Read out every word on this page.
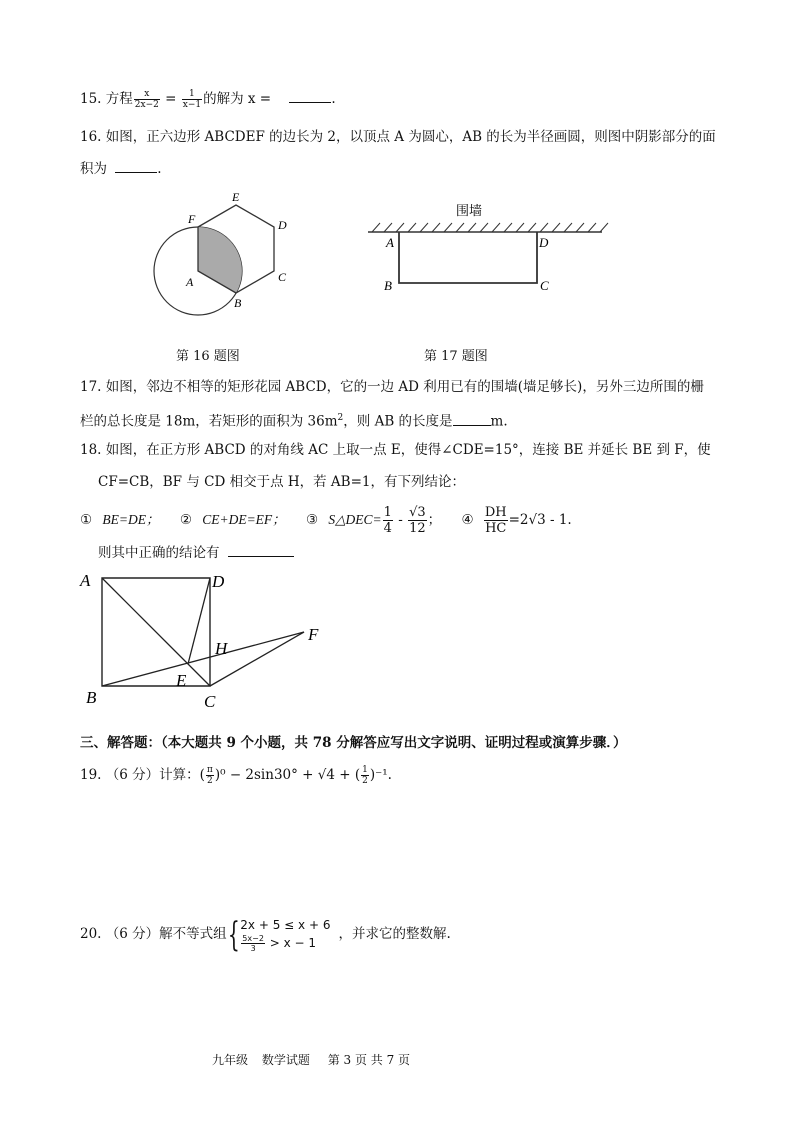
15. 方程 $\frac{x}{2x-2} = \frac{1}{x-1}$ 的解为 x =	.
16. 如图，正六边形 ABCDEF 的边长为 2，以顶点 A 为圆心，AB 的长为半径画圆，则图中阴影部分的面
积为	.
F
E
D
C
B
A
第 16 题图
围墙
A	D
B	C
第 17 题图
17. 如图，邻边不相等的矩形花园 ABCD，它的一边 AD 利用已有的围墙(墙足够长)，另外三边所围的栅
栏的总长度是 18m，若矩形的面积为 $36m^2$，则 AB 的长度是	m.
18. 如图，在正方形 ABCD 的对角线 AC 上取一点 E，使得∠CDE=15°，连接 BE 并延长 BE 到 F，使
CF=CB，BF 与 CD 相交于点 H，若 AB=1，有下列结论：
① BE=DE； ② CE+DE=EF； ③ S△DEC= $\frac{1}{4} - \frac{√3}{12}$ ； ④ $\frac{DH}{HC} =2√3 - 1$.
则其中正确的结论有
A	D
F
H
E
B	C
三、解答题：（本大题共 9 个小题，共 78 分解答应写出文字说明、证明过程或演算步骤．）
19. （6 分）计算：( $\frac{\pi}{2} )^0 - 2\sin 30^\circ + √4$ + ( $\frac{1}{2} )^{-1}$.
20. （6 分）解不等式组{ 2x + 5 ≤ x + 6
$\frac{5x-2}{3} > x - 1$
，并求它的整数解.
九年级 数学试题 第 3 页 共 7 页
